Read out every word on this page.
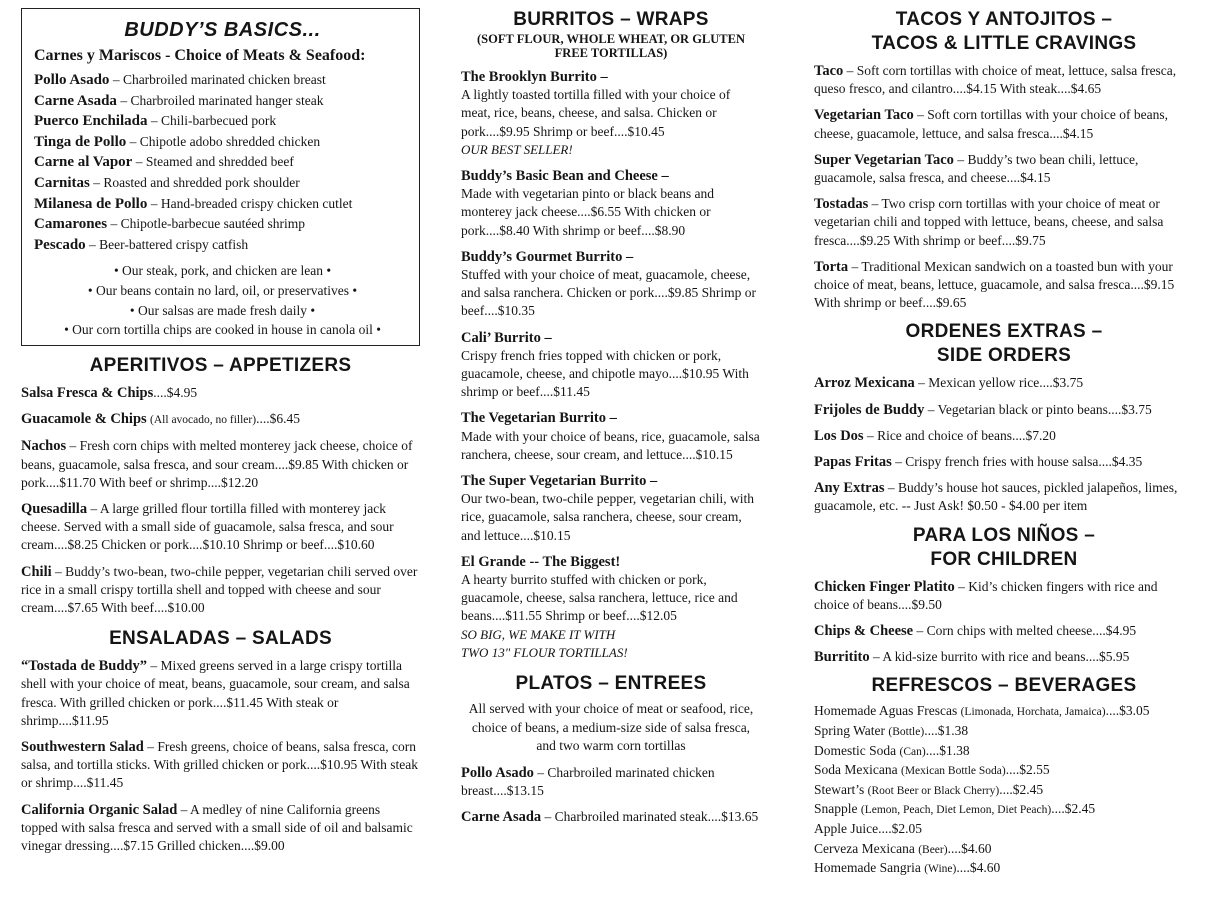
BUDDY’S BASICS...
Carnes y Mariscos - Choice of Meats & Seafood:
Pollo Asado – Charbroiled marinated chicken breast
Carne Asada – Charbroiled marinated hanger steak
Puerco Enchilada – Chili-barbecued pork
Tinga de Pollo – Chipotle adobo shredded chicken
Carne al Vapor – Steamed and shredded beef
Carnitas – Roasted and shredded pork shoulder
Milanesa de Pollo – Hand-breaded crispy chicken cutlet
Camarones – Chipotle-barbecue sautéed shrimp
Pescado – Beer-battered crispy catfish
• Our steak, pork, and chicken are lean •
• Our beans contain no lard, oil, or preservatives •
• Our salsas are made fresh daily •
• Our corn tortilla chips are cooked in house in canola oil •
APERITIVOS – APPETIZERS
Salsa Fresca & Chips....$4.95
Guacamole & Chips (All avocado, no filler)....$6.45
Nachos – Fresh corn chips with melted monterey jack cheese, choice of beans, guacamole, salsa fresca, and sour cream....$9.85 With chicken or pork....$11.70 With beef or shrimp....$12.20
Quesadilla – A large grilled flour tortilla filled with monterey jack cheese. Served with a small side of guacamole, salsa fresca, and sour cream....$8.25 Chicken or pork....$10.10 Shrimp or beef....$10.60
Chili – Buddy’s two-bean, two-chile pepper, vegetarian chili served over rice in a small crispy tortilla shell and topped with cheese and sour cream....$7.65 With beef....$10.00
ENSALADAS – SALADS
“Tostada de Buddy” – Mixed greens served in a large crispy tortilla shell with your choice of meat, beans, guacamole, sour cream, and salsa fresca. With grilled chicken or pork....$11.45 With steak or shrimp....$11.95
Southwestern Salad – Fresh greens, choice of beans, salsa fresca, corn salsa, and tortilla sticks. With grilled chicken or pork....$10.95 With steak or shrimp....$11.45
California Organic Salad – A medley of nine California greens topped with salsa fresca and served with a small side of oil and balsamic vinegar dressing....$7.15 Grilled chicken....$9.00
BURRITOS – WRAPS
(SOFT FLOUR, WHOLE WHEAT, OR GLUTEN FREE TORTILLAS)
The Brooklyn Burrito –
A lightly toasted tortilla filled with your choice of meat, rice, beans, cheese, and salsa. Chicken or pork....$9.95 Shrimp or beef....$10.45
OUR BEST SELLER!
Buddy’s Basic Bean and Cheese –
Made with vegetarian pinto or black beans and monterey jack cheese....$6.55 With chicken or pork....$8.40 With shrimp or beef....$8.90
Buddy’s Gourmet Burrito –
Stuffed with your choice of meat, guacamole, cheese, and salsa ranchera. Chicken or pork....$9.85 Shrimp or beef....$10.35
Cali’ Burrito –
Crispy french fries topped with chicken or pork, guacamole, cheese, and chipotle mayo....$10.95 With shrimp or beef....$11.45
The Vegetarian Burrito –
Made with your choice of beans, rice, guacamole, salsa ranchera, cheese, sour cream, and lettuce....$10.15
The Super Vegetarian Burrito –
Our two-bean, two-chile pepper, vegetarian chili, with rice, guacamole, salsa ranchera, cheese, sour cream, and lettuce....$10.15
El Grande -- The Biggest!
A hearty burrito stuffed with chicken or pork, guacamole, cheese, salsa ranchera, lettuce, rice and beans....$11.55 Shrimp or beef....$12.05
SO BIG, WE MAKE IT WITH
TWO 13" FLOUR TORTILLAS!
PLATOS – ENTREES
All served with your choice of meat or seafood, rice, choice of beans, a medium-size side of salsa fresca, and two warm corn tortillas
Pollo Asado – Charbroiled marinated chicken breast....$13.15
Carne Asada – Charbroiled marinated steak....$13.65
TACOS Y ANTOJITOS –
TACOS & LITTLE CRAVINGS
Taco – Soft corn tortillas with choice of meat, lettuce, salsa fresca, queso fresco, and cilantro....$4.15 With steak....$4.65
Vegetarian Taco – Soft corn tortillas with your choice of beans, cheese, guacamole, lettuce, and salsa fresca....$4.15
Super Vegetarian Taco – Buddy’s two bean chili, lettuce, guacamole, salsa fresca, and cheese....$4.15
Tostadas – Two crisp corn tortillas with your choice of meat or vegetarian chili and topped with lettuce, beans, cheese, and salsa fresca....$9.25 With shrimp or beef....$9.75
Torta – Traditional Mexican sandwich on a toasted bun with your choice of meat, beans, lettuce, guacamole, and salsa fresca....$9.15 With shrimp or beef....$9.65
ORDENES EXTRAS –
SIDE ORDERS
Arroz Mexicana – Mexican yellow rice....$3.75
Frijoles de Buddy – Vegetarian black or pinto beans....$3.75
Los Dos – Rice and choice of beans....$7.20
Papas Fritas – Crispy french fries with house salsa....$4.35
Any Extras – Buddy’s house hot sauces, pickled jalapeños, limes, guacamole, etc. -- Just Ask! $0.50 - $4.00 per item
PARA LOS NIÑOS –
FOR CHILDREN
Chicken Finger Platito – Kid’s chicken fingers with rice and choice of beans....$9.50
Chips & Cheese – Corn chips with melted cheese....$4.95
Burritito – A kid-size burrito with rice and beans....$5.95
REFRESCOS – BEVERAGES
Homemade Aguas Frescas (Limonada, Horchata, Jamaica)....$3.05
Spring Water (Bottle)....$1.38
Domestic Soda (Can)....$1.38
Soda Mexicana (Mexican Bottle Soda)....$2.55
Stewart’s (Root Beer or Black Cherry)....$2.45
Snapple (Lemon, Peach, Diet Lemon, Diet Peach)....$2.45
Apple Juice....$2.05
Cerveza Mexicana (Beer)....$4.60
Homemade Sangria (Wine)....$4.60
